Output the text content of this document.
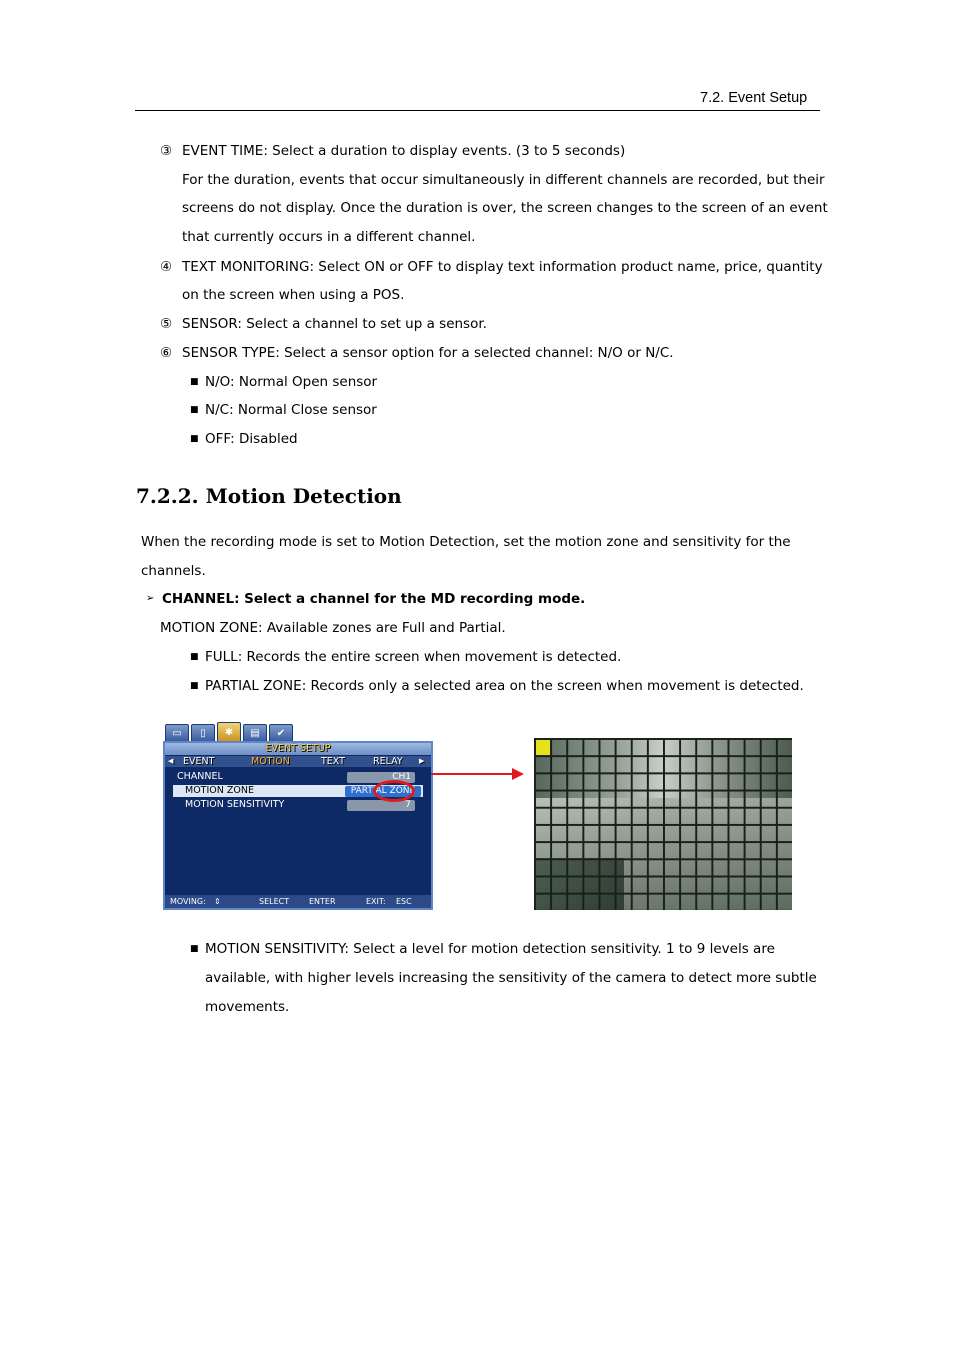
7.2. Event Setup
③ EVENT TIME: Select a duration to display events. (3 to 5 seconds)
For the duration, events that occur simultaneously in different channels are recorded, but their
screens do not display. Once the duration is over, the screen changes to the screen of an event
that currently occurs in a different channel.
④ TEXT MONITORING: Select ON or OFF to display text information product name, price, quantity
on the screen when using a POS.
⑤ SENSOR: Select a channel to set up a sensor.
⑥ SENSOR TYPE: Select a sensor option for a selected channel: N/O or N/C.
■ N/O: Normal Open sensor
■ N/C: Normal Close sensor
■ OFF: Disabled
7.2.2. Motion Detection
When the recording mode is set to Motion Detection, set the motion zone and sensitivity for the
channels.
➢ CHANNEL: Select a channel for the MD recording mode.
MOTION ZONE: Available zones are Full and Partial.
■ FULL: Records the entire screen when movement is detected.
■ PARTIAL ZONE: Records only a selected area on the screen when movement is detected.
▭	▯	✱	▤	✔
EVENT SETUP
◀ EVENT	MOTION	TEXT	RELAY ▶
CHANNEL	CH1
MOTION ZONE	PARTIAL ZONE
MOTION SENSITIVITY	7
MOVING: ⇕	SELECT ENTER	EXIT: ESC
■ MOTION SENSITIVITY: Select a level for motion detection sensitivity. 1 to 9 levels are
available, with higher levels increasing the sensitivity of the camera to detect more subtle
movements.
